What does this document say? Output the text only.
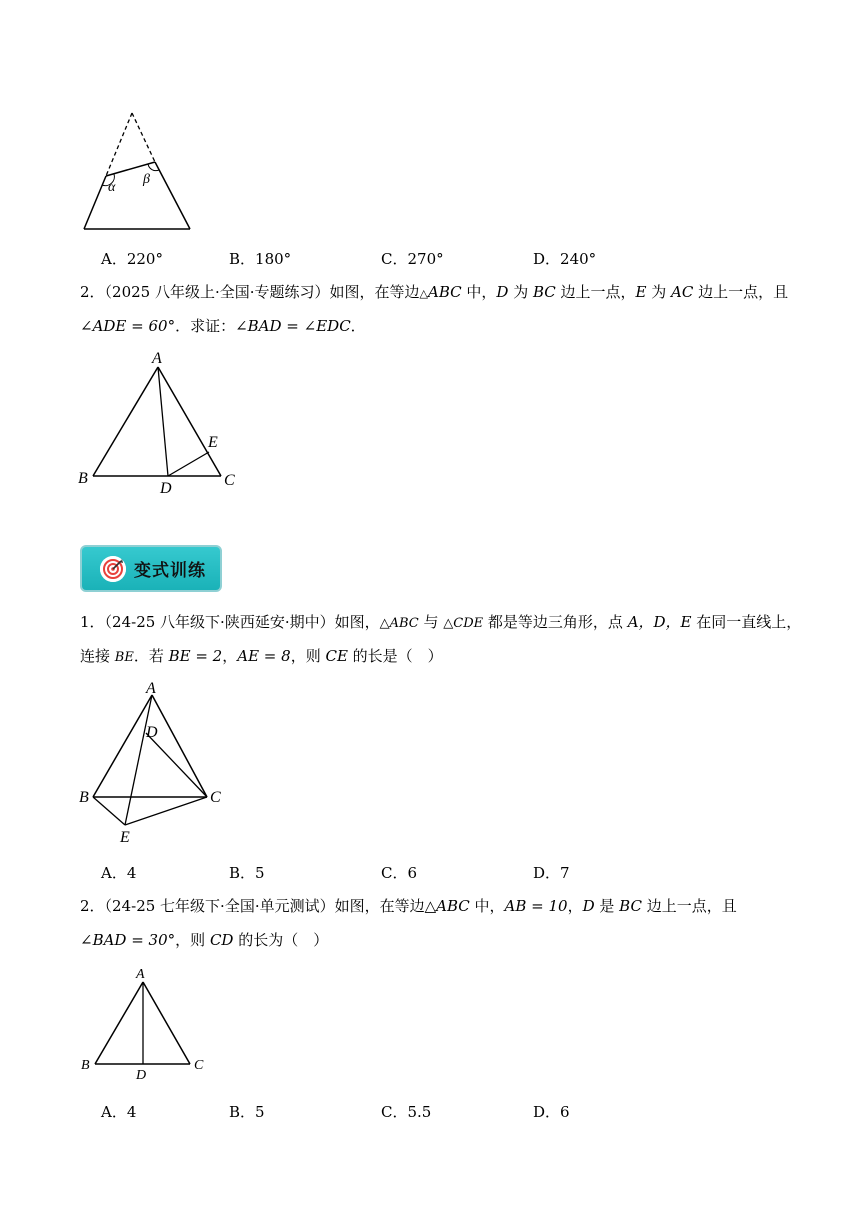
α
β
A．220°	B．180°	C．270°	D．240°
2．（2025 八年级上·全国·专题练习）如图，在等边△ABC 中，D 为 BC 边上一点，E 为 AC 边上一点，且
∠ADE = 60°．求证：∠BAD = ∠EDC．
A
B	C
D
E
变式训练
1．（24-25 八年级下·陕西延安·期中）如图，△ABC 与 △CDE 都是等边三角形，点 A，D，E 在同一直线上，
连接 BE．若 BE = 2，AE = 8，则 CE 的长是（　）
A
D
B	C
E
A．4	B．5	C．6	D．7
2．（24-25 七年级下·全国·单元测试）如图，在等边△ABC 中，AB = 10，D 是 BC 边上一点，且
∠BAD = 30°，则 CD 的长为（　）
A
B	C
D
A．4	B．5	C．5.5	D．6
